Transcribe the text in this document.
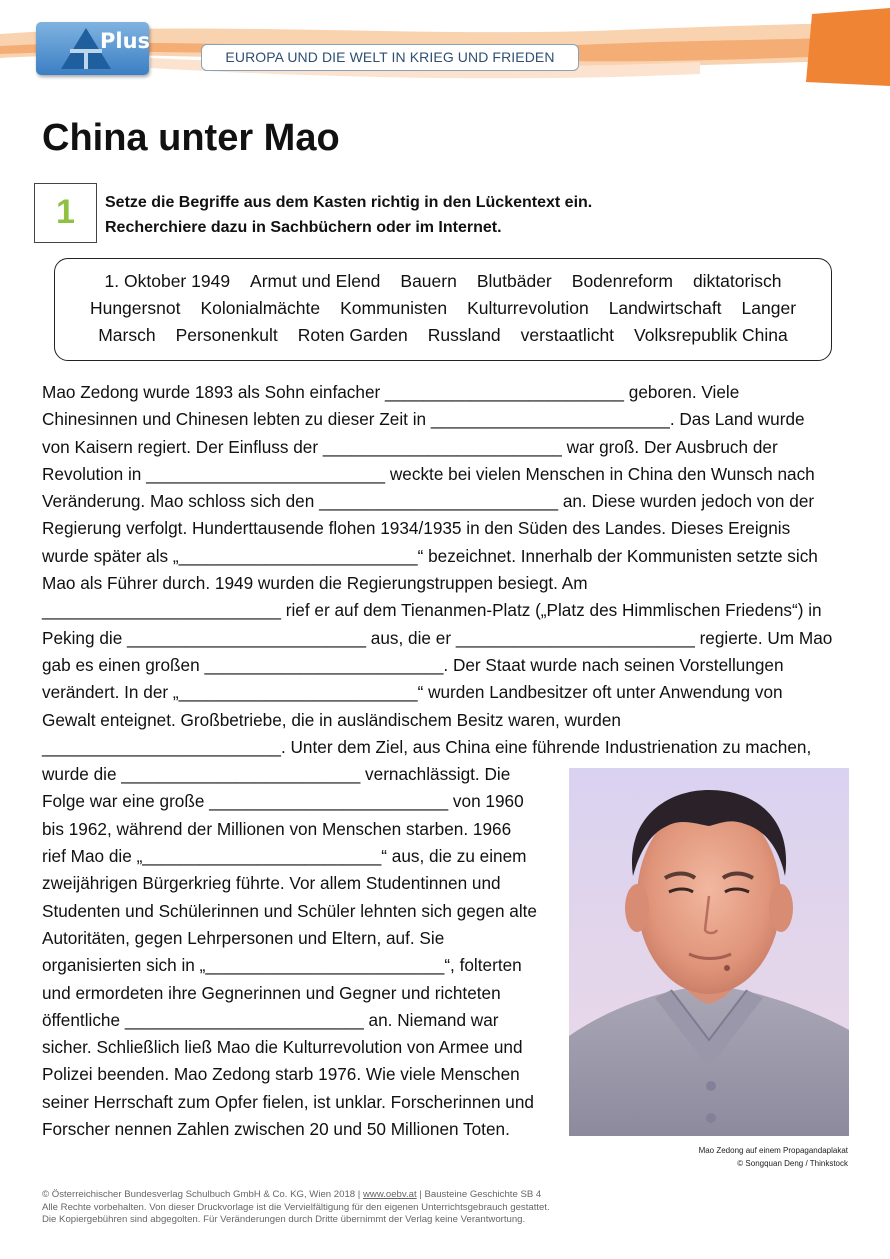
Plus
EUROPA UND DIE WELT IN KRIEG UND FRIEDEN
China unter Mao
1	Setze die Begriffe aus dem Kasten richtig in den Lückentext ein.
Recherchiere dazu in Sachbüchern oder im Internet.
1. Oktober 1949	Armut und Elend	Bauern	Blutbäder	Bodenreform	diktatorisch
Hungersnot	Kolonialmächte	Kommunisten	Kulturrevolution	Landwirtschaft	Langer
Marsch	Personenkult	Roten Garden	Russland	verstaatlicht	Volksrepublik China
Mao Zedong wurde 1893 als Sohn einfacher _________________________ geboren. Viele
Chinesinnen und Chinesen lebten zu dieser Zeit in _________________________. Das Land wurde
von Kaisern regiert. Der Einfluss der _________________________ war groß. Der Ausbruch der
Revolution in _________________________ weckte bei vielen Menschen in China den Wunsch nach
Veränderung. Mao schloss sich den _________________________ an. Diese wurden jedoch von der
Regierung verfolgt. Hunderttausende flohen 1934/1935 in den Süden des Landes. Dieses Ereignis
wurde später als „_________________________“ bezeichnet. Innerhalb der Kommunisten setzte sich
Mao als Führer durch. 1949 wurden die Regierungstruppen besiegt. Am
_________________________ rief er auf dem Tienanmen-Platz („Platz des Himmlischen Friedens“) in
Peking die _________________________ aus, die er _________________________ regierte. Um Mao
gab es einen großen _________________________. Der Staat wurde nach seinen Vorstellungen
verändert. In der „_________________________“ wurden Landbesitzer oft unter Anwendung von
Gewalt enteignet. Großbetriebe, die in ausländischem Besitz waren, wurden
_________________________. Unter dem Ziel, aus China eine führende Industrienation zu machen,
wurde die _________________________ vernachlässigt. Die
Folge war eine große _________________________ von 1960
bis 1962, während der Millionen von Menschen starben. 1966
rief Mao die „_________________________“ aus, die zu einem
zweijährigen Bürgerkrieg führte. Vor allem Studentinnen und
Studenten und Schülerinnen und Schüler lehnten sich gegen alte
Autoritäten, gegen Lehrpersonen und Eltern, auf. Sie
organisierten sich in „_________________________“, folterten
und ermordeten ihre Gegnerinnen und Gegner und richteten
öffentliche _________________________ an. Niemand war
sicher. Schließlich ließ Mao die Kulturrevolution von Armee und
Polizei beenden. Mao Zedong starb 1976. Wie viele Menschen
seiner Herrschaft zum Opfer fielen, ist unklar. Forscherinnen und
Forscher nennen Zahlen zwischen 20 und 50 Millionen Toten.
Mao Zedong auf einem Propagandaplakat
© Songquan Deng / Thinkstock
© Österreichischer Bundesverlag Schulbuch GmbH & Co. KG, Wien 2018 | www.oebv.at | Bausteine Geschichte SB 4
Alle Rechte vorbehalten. Von dieser Druckvorlage ist die Vervielfältigung für den eigenen Unterrichtsgebrauch gestattet.
Die Kopiergebühren sind abgegolten. Für Veränderungen durch Dritte übernimmt der Verlag keine Verantwortung.
